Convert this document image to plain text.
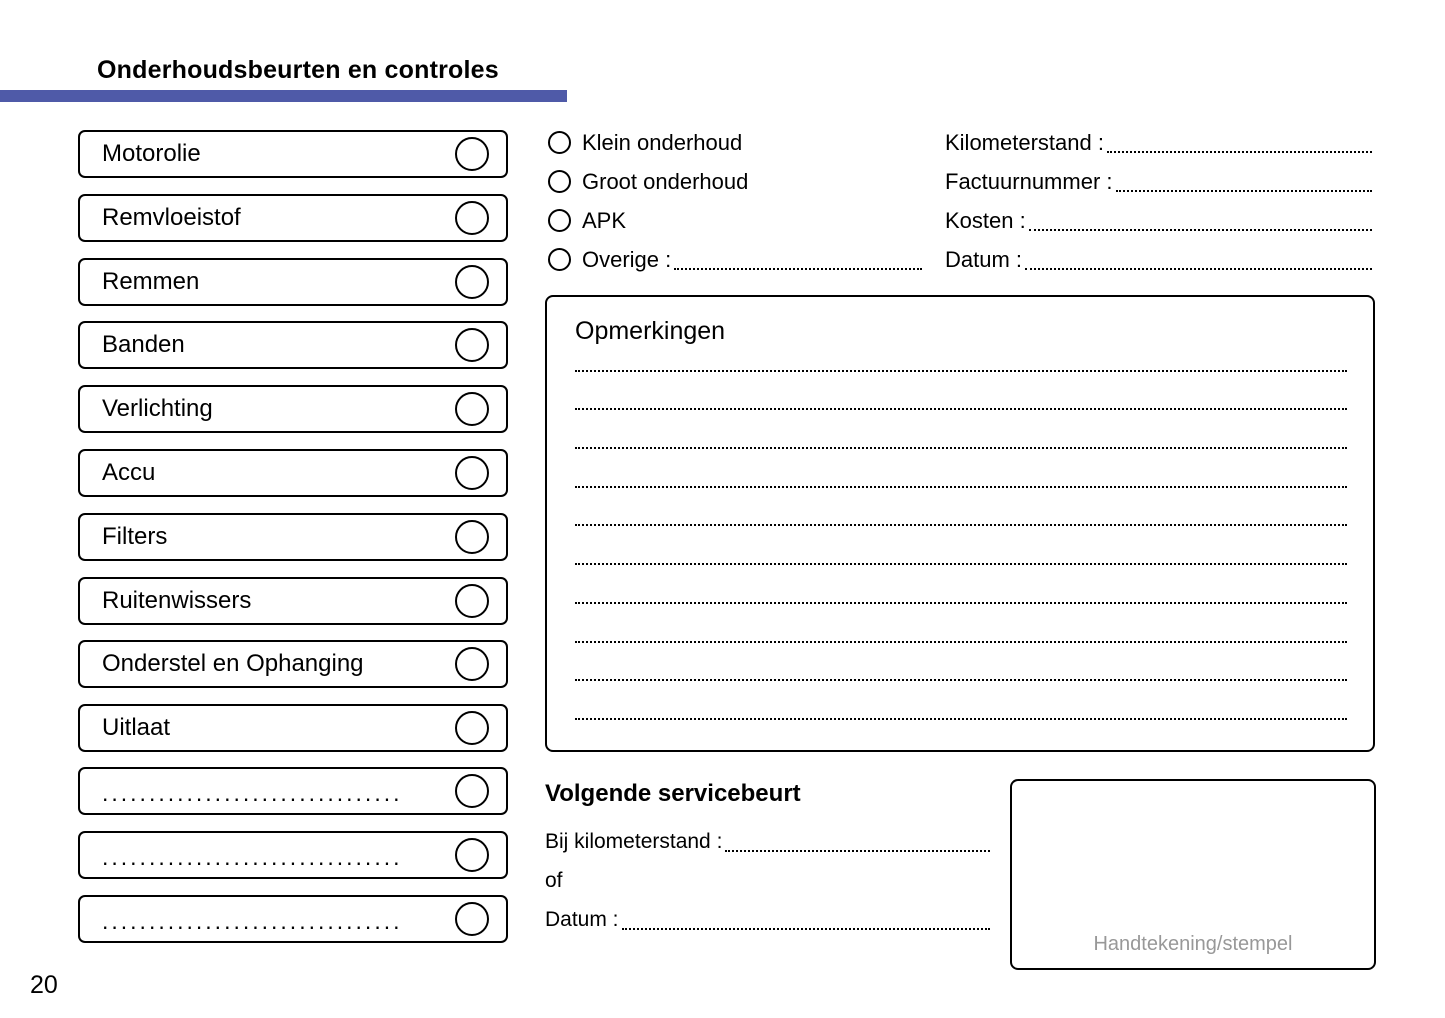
Onderhoudsbeurten en controles
Motorolie
Remvloeistof
Remmen
Banden
Verlichting
Accu
Filters
Ruitenwissers
Onderstel en Ophanging
Uitlaat
................................
................................
................................
Klein onderhoud
Groot onderhoud
APK
Overige :
Kilometerstand :
Factuurnummer :
Kosten :
Datum :
Opmerkingen
Volgende servicebeurt
Bij kilometerstand :
of
Datum :
Handtekening/stempel
20
